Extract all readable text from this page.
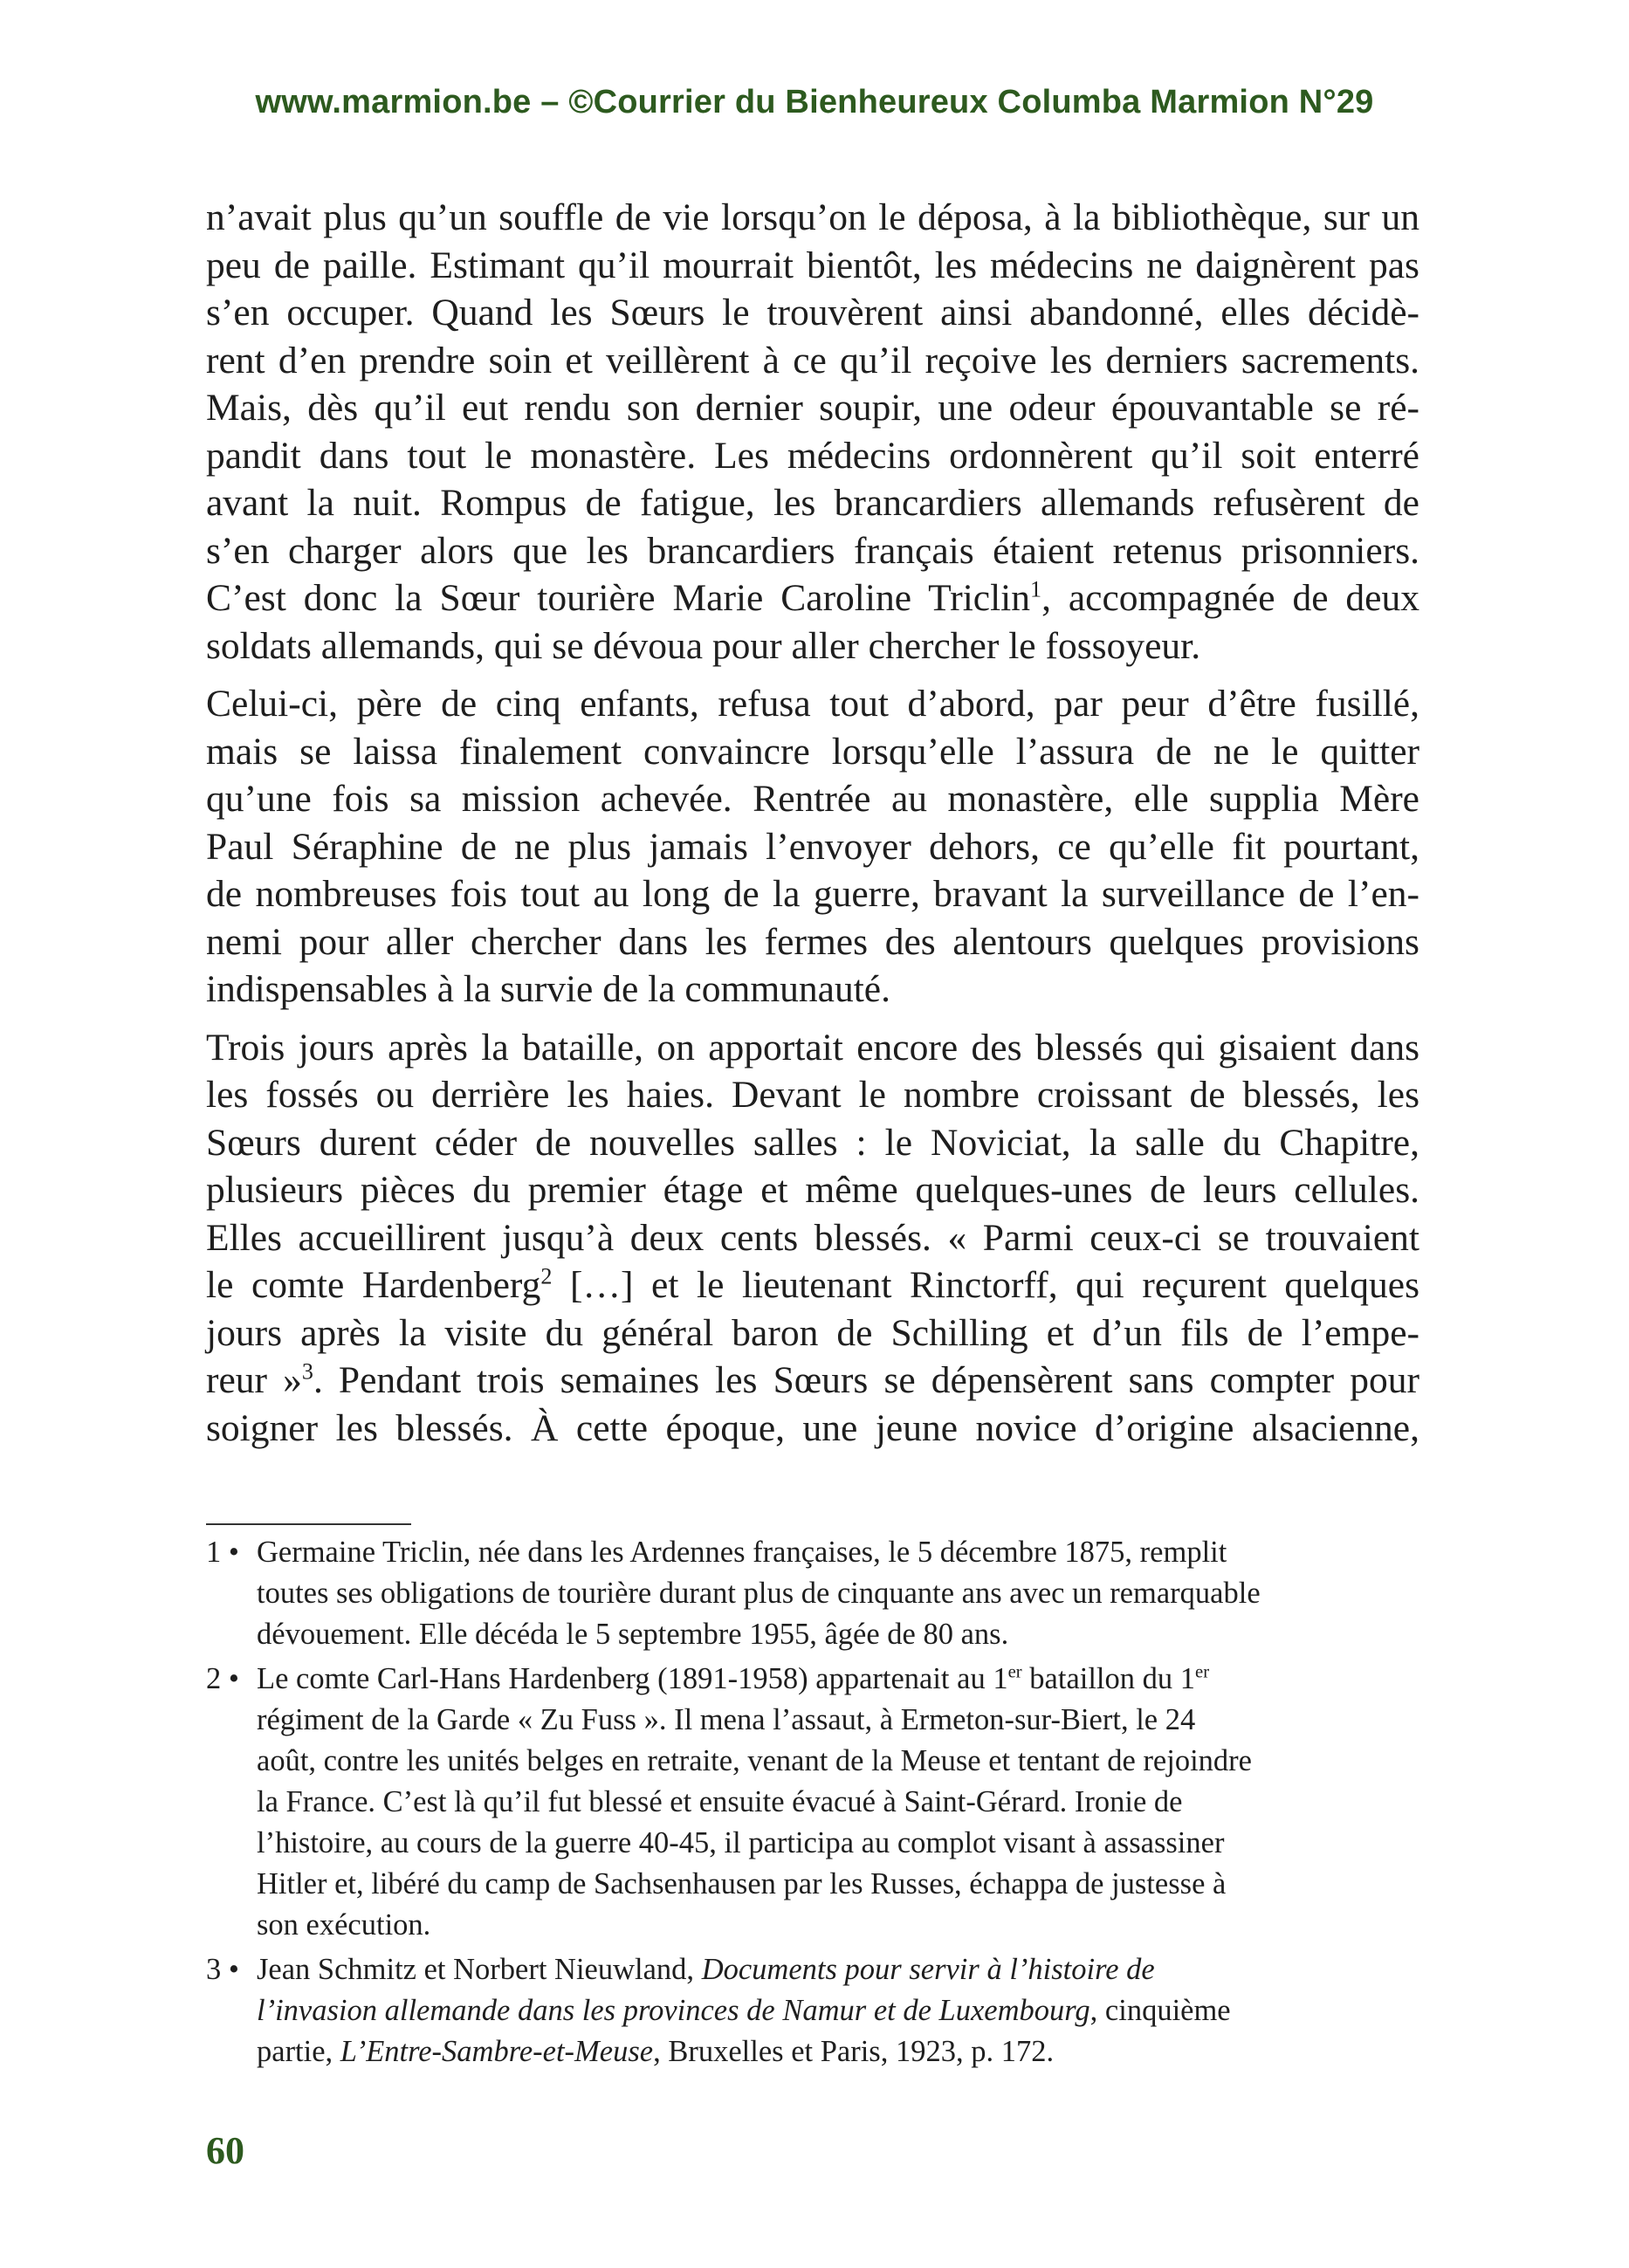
www.marmion.be – ©Courrier du Bienheureux Columba Marmion N°29

n’avait plus qu’un souffle de vie lorsqu’on le déposa, à la bibliothèque, sur un
peu de paille. Estimant qu’il mourrait bientôt, les médecins ne daignèrent pas
s’en occuper. Quand les Sœurs le trouvèrent ainsi abandonné, elles décidè-
rent d’en prendre soin et veillèrent à ce qu’il reçoive les derniers sacrements.
Mais, dès qu’il eut rendu son dernier soupir, une odeur épouvantable se ré-
pandit dans tout le monastère. Les médecins ordonnèrent qu’il soit enterré
avant la nuit. Rompus de fatigue, les brancardiers allemands refusèrent de
s’en charger alors que les brancardiers français étaient retenus prisonniers.
C’est donc la Sœur tourière Marie Caroline Triclin$^1$, accompagnée de deux
soldats allemands, qui se dévoua pour aller chercher le fossoyeur.

Celui-ci, père de cinq enfants, refusa tout d’abord, par peur d’être fusillé,
mais se laissa finalement convaincre lorsqu’elle l’assura de ne le quitter
qu’une fois sa mission achevée. Rentrée au monastère, elle supplia Mère
Paul Séraphine de ne plus jamais l’envoyer dehors, ce qu’elle fit pourtant,
de nombreuses fois tout au long de la guerre, bravant la surveillance de l’en-
nemi pour aller chercher dans les fermes des alentours quelques provisions
indispensables à la survie de la communauté.

Trois jours après la bataille, on apportait encore des blessés qui gisaient dans
les fossés ou derrière les haies. Devant le nombre croissant de blessés, les
Sœurs durent céder de nouvelles salles : le Noviciat, la salle du Chapitre,
plusieurs pièces du premier étage et même quelques-unes de leurs cellules.
Elles accueillirent jusqu’à deux cents blessés. « Parmi ceux-ci se trouvaient
le comte Hardenberg$^2$ […] et le lieutenant Rinctorff, qui reçurent quelques
jours après la visite du général baron de Schilling et d’un fils de l’empe-
reur »$^3$. Pendant trois semaines les Sœurs se dépensèrent sans compter pour
soigner les blessés. À cette époque, une jeune novice d’origine alsacienne,

1 • Germaine Triclin, née dans les Ardennes françaises, le 5 décembre 1875, remplit
toutes ses obligations de tourière durant plus de cinquante ans avec un remarquable
dévouement. Elle décéda le 5 septembre 1955, âgée de 80 ans.
2 • Le comte Carl-Hans Hardenberg (1891-1958) appartenait au 1er bataillon du 1er
régiment de la Garde « Zu Fuss ». Il mena l’assaut, à Ermeton-sur-Biert, le 24
août, contre les unités belges en retraite, venant de la Meuse et tentant de rejoindre
la France. C’est là qu’il fut blessé et ensuite évacué à Saint-Gérard. Ironie de
l’histoire, au cours de la guerre 40-45, il participa au complot visant à assassiner
Hitler et, libéré du camp de Sachsenhausen par les Russes, échappa de justesse à
son exécution.
3 • Jean Schmitz et Norbert Nieuwland, Documents pour servir à l’histoire de
l’invasion allemande dans les provinces de Namur et de Luxembourg, cinquième
partie, L’Entre-Sambre-et-Meuse, Bruxelles et Paris, 1923, p. 172.
60
